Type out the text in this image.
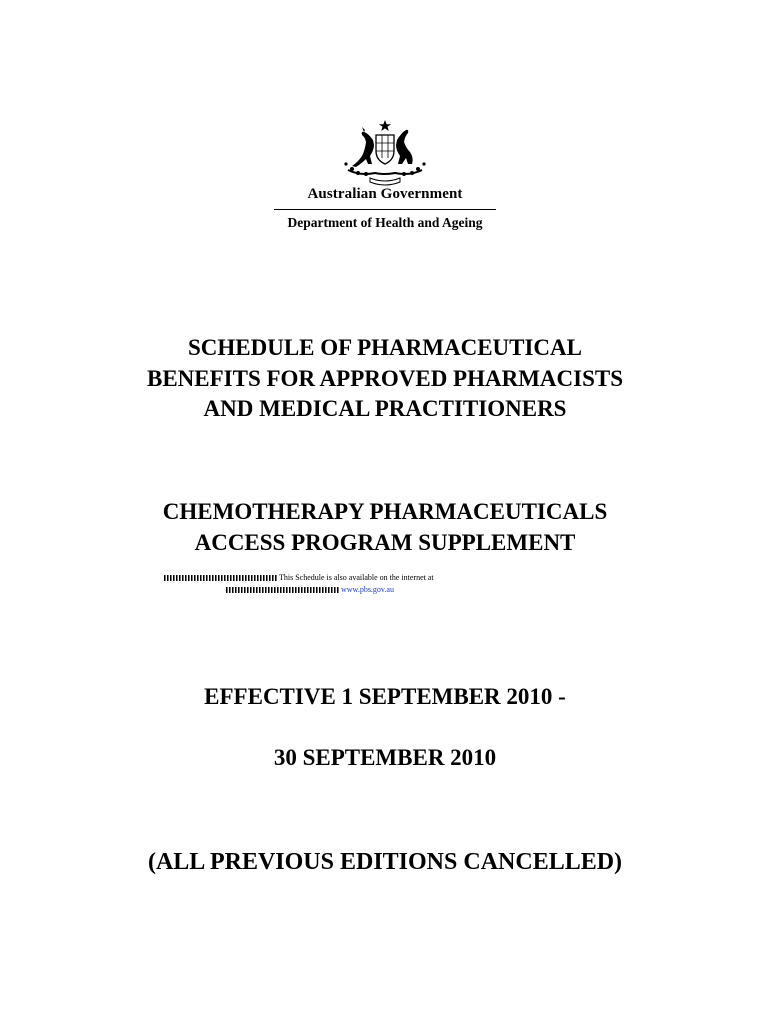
Australian Government
Department of Health and Ageing
SCHEDULE OF PHARMACEUTICAL
BENEFITS FOR APPROVED PHARMACISTS
AND MEDICAL PRACTITIONERS
CHEMOTHERAPY PHARMACEUTICALS
ACCESS PROGRAM SUPPLEMENT
This Schedule is also available on the internet at
www.pbs.gov.au
EFFECTIVE 1 SEPTEMBER 2010 -
30 SEPTEMBER 2010
(ALL PREVIOUS EDITIONS CANCELLED)
